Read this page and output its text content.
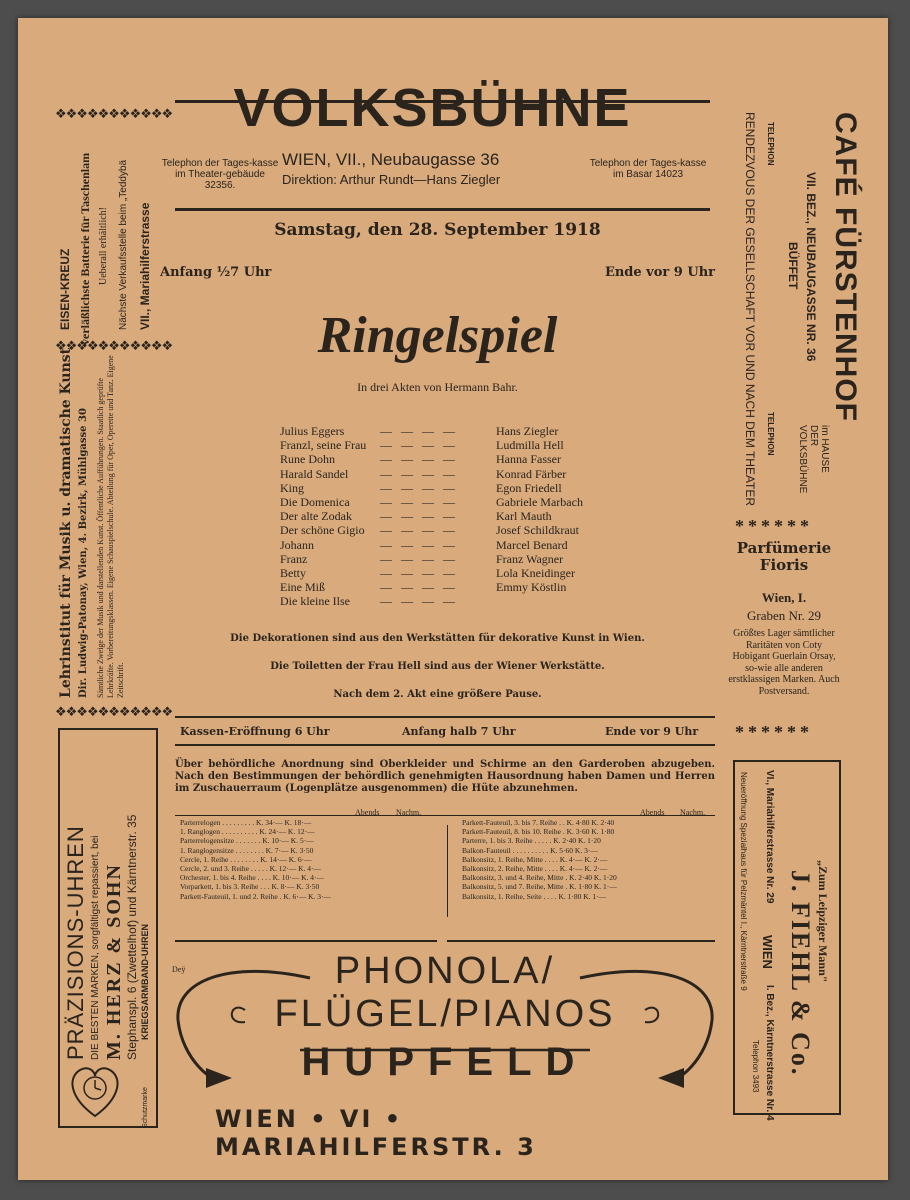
VOLKSBÜHNE
Telephon der Tages-kasse im Theater-gebäude 32356.
WIEN, VII., Neubaugasse 36
Direktion: Arthur Rundt—Hans Ziegler
Telephon der Tages-kasse im Basar 14023
Samstag, den 28. September 1918
Anfang ½7 Uhr	Ende vor 9 Uhr
Ringelspiel
In drei Akten von Hermann Bahr.
Julius Eggers	— — — —	Hans Ziegler
Franzl, seine Frau — — — —	Ludmilla Hell
Rune Dohn	— — — —	Hanna Fasser
Harald Sandel	— — — —	Konrad Färber
King	— — — —	Egon Friedell
Die Domenica	— — — —	Gabriele Marbach
Der alte Zodak — — — —	Karl Mauth
Der schöne Gigio — — — —	Josef Schildkraut
Johann	— — — —	Marcel Benard
Franz	— — — —	Franz Wagner
Betty	— — — —	Lola Kneidinger
Eine Miß	— — — —	Emmy Köstlin
Die kleine Ilse	— — — —
Die Dekorationen sind aus den Werkstätten für dekorative Kunst in Wien.
Die Toiletten der Frau Hell sind aus der Wiener Werkstätte.
Nach dem 2. Akt eine größere Pause.
Kassen-Eröffnung 6 Uhr	Anfang halb 7 Uhr	Ende vor 9 Uhr
Über behördliche Anordnung sind Oberkleider und Schirme an den Garderoben abzugeben. Nach den Bestimmungen der behördlich genehmigten Hausordnung haben Damen und Herren im Zuschauerraum (Logenplätze ausgenommen) die Hüte abzunehmen.
Abends Nachm.	Abends Nachm.
Parterrelogen . . . . . . . . . K. 34·— K. 18·—
1. Ranglogen . . . . . . . . . . K. 24·— K. 12·—
Parterrelogensitze . . . . . . . K. 10·— K. 5·—
1. Ranglogensitze . . . . . . . . K. 7·— K. 3·50
Cercle, 1. Reihe . . . . . . . . K. 14·— K. 6·—
Cercle, 2. und 3. Reihe . . . . . K. 12·— K. 4·—
Orchester, 1. bis 4. Reihe . . . . K. 10·— K. 4·—
Vorparkett, 1. bis 3. Reihe . . . K. 8·— K. 3·50
Parkett-Fauteuil, 1. und 2. Reihe . K. 6·— K. 3·—
Parkett-Fauteuil, 3. bis 7. Reihe . . K. 4·80 K. 2·40
Parkett-Fauteuil, 8. bis 10. Reihe . K. 3·60 K. 1·80
Parterre, 1. bis 3. Reihe . . . . . K. 2·40 K. 1·20
Balkon-Fauteuil . . . . . . . . . . K. 5·60 K. 3·—
Balkonsitz, 1. Reihe, Mitte . . . . K. 4·— K. 2·—
Balkonsitz, 2. Reihe, Mitte . . . . K. 4·— K. 2·—
Balkonsitz, 3. und 4. Reihe, Mitte . K. 2·40 K. 1·20
Balkonsitz, 5. und 7. Reihe, Mitte . K. 1·80 K. 1·—
Balkonsitz, 1. Reihe, Seite . . . . K. 1·80 K. 1·—
Deÿ	PHONOLA/
FLÜGEL/PIANOS
HUPFELD
WIEN • VI • MARIAHILFERSTR. 3
❖❖❖❖❖❖❖❖❖❖❖
EISEN-KREUZ verläßlichste Batterie für Taschenlam Ueberall erhältlich! Nächste Verkaufsstelle beim „Teddybä VII., Mariahilferstrasse
❖❖❖❖❖❖❖❖❖❖❖
Lehrinstitut für Musik u. dramatische Kunst Dir. Ludwig-Patonay, Wien, 4. Bezirk, Mühlgasse 30 Sämtliche Zweige der Musik und darstellenden Kunst. Öffentliche Aufführungen. Staatlich geprüfte Lehrkräfte. Vorbereitungsklassen. Eigene Schauspielschule. Abteilung für Oper, Operette und Tanz. Eigene Zeitschrift.
❖❖❖❖❖❖❖❖❖❖❖
PRÄZISIONS-UHREN DIE BESTEN MARKEN, sorgfältigst repassiert, bei M. HERZ & SOHN Stephanspl. 6 (Zwettelhof) und Kärntnerstr. 35 KRIEGSARMBAND-UHREN
Schutzmarke
CAFÉ FÜRSTENHOF
VII. BEZ., NEUBAUGASSE NR. 36
BÜFFET
TELEPHON
TELEPHON
RENDEZVOUS DER GESELLSCHAFT VOR UND NACH DEM THEATER	im HAUSE DER VOLKSBÜHNE
******
Parfümerie
Fioris
Wien, I.
Graben Nr. 29
Größtes Lager sämtlicher Raritäten von Coty Hobigant Guerlain Orsay, so-wie alle anderen erstklassigen Marken. Auch Postversand.
******
„Zum Leipziger Mann"
J. FIEHL & Co.
VI., Mariahilferstrasse Nr. 29
WIEN
I. Bez., Kärntnerstrasse Nr. 4
Telephon 3493
Neueröffnung Spezialhaus für Pelzmäntel I., Kärntnerstraße 9
